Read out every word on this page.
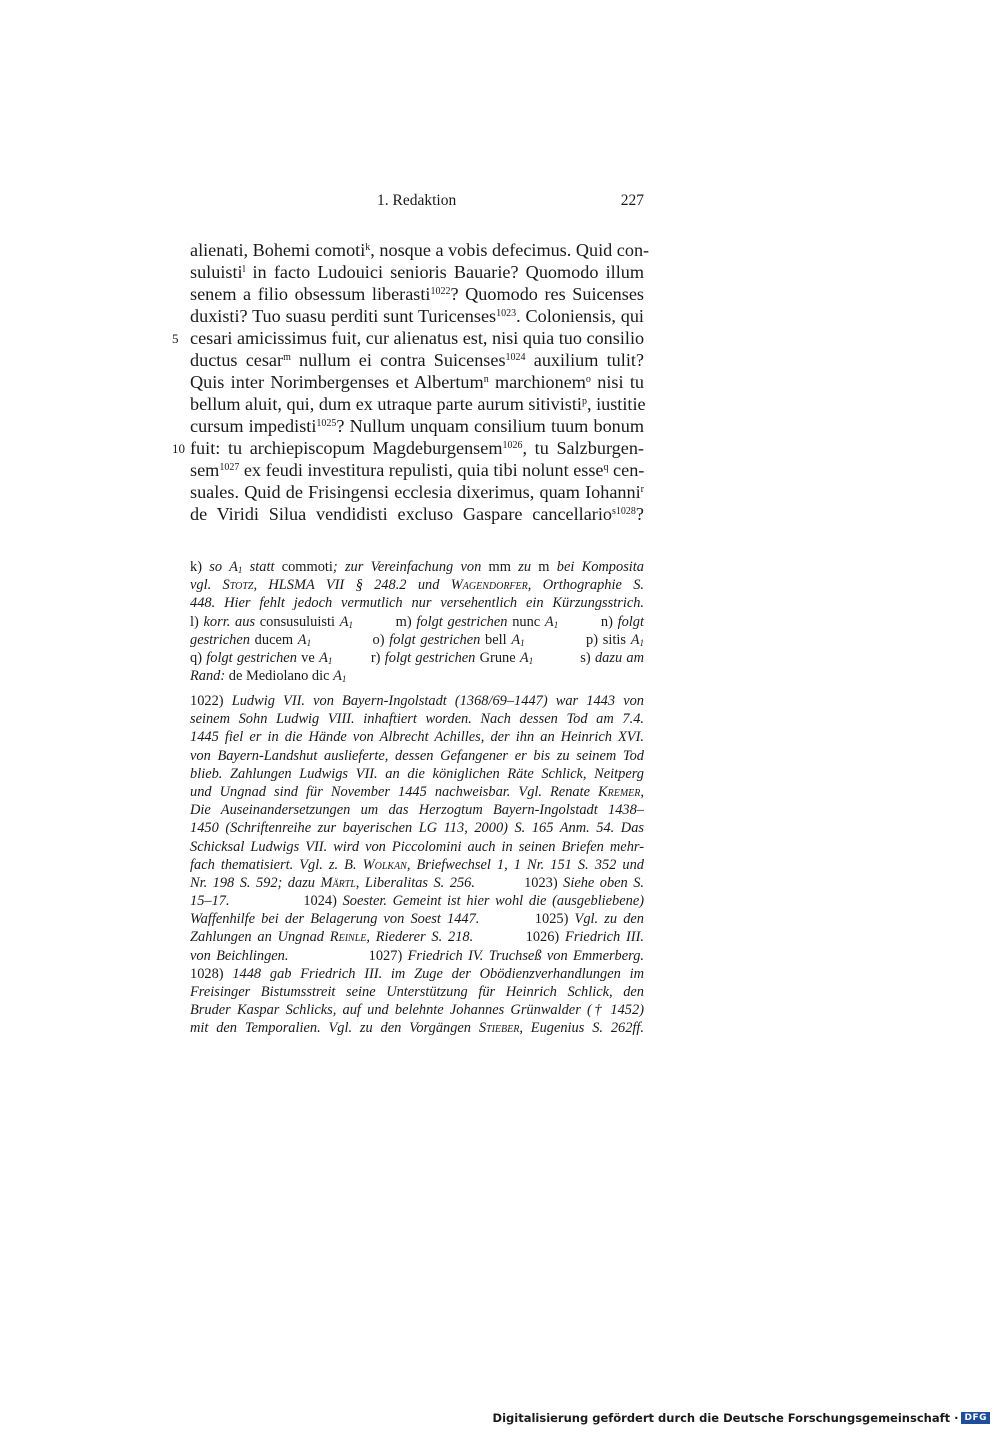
1. Redaktion	227
alienati, Bohemi comoti$^k$, nosque a vobis defecimus. Quid con-
suluisti$^l$ in facto Ludouici senioris Bauarie? Quomodo illum
senem a filio obsessum liberasti$^{1022}$? Quomodo res Suicenses
duxisti? Tuo suasu perditi sunt Turicenses$^{1023}$. Coloniensis, qui
5 cesari amicissimus fuit, cur alienatus est, nisi quia tuo consilio
ductus cesar$^m$ nullum ei contra Suicenses$^{1024}$ auxilium tulit?
Quis inter Norimbergenses et Albertum$^n$ marchionem$^o$ nisi tu
bellum aluit, qui, dum ex utraque parte aurum sitivisti$^p$, iustitie
cursum impedisti$^{1025}$? Nullum unquam consilium tuum bonum
10 fuit: tu archiepiscopum Magdeburgensem$^{1026}$, tu Salzburgen-
sem$^{1027}$ ex feudi investitura repulisti, quia tibi nolunt esse$^q$ cen-
suales. Quid de Frisingensi ecclesia dixerimus, quam Iohanni$^r$
de Viridi Silua vendidisti excluso Gaspare cancellario$^{s1028}$?
k) so $A_1$ statt commoti; zur Vereinfachung von mm zu m bei Komposita
vgl. Stotz, HLSMA VII § 248.2 und Wagendorfer, Orthographie S.
448. Hier fehlt jedoch vermutlich nur versehentlich ein Kürzungsstrich.
l) korr. aus consusuluisti $A_1$         m) folgt gestrichen nunc $A_1$         n) folgt
gestrichen ducem $A_1$             o) folgt gestrichen bell $A_1$             p) sitis $A_1$
q) folgt gestrichen ve $A_1$         r) folgt gestrichen Grune $A_1$           s) dazu am
Rand: de Mediolano dic $A_1$
1022) Ludwig VII. von Bayern-Ingolstadt (1368/69–1447) war 1443 von
seinem Sohn Ludwig VIII. inhaftiert worden. Nach dessen Tod am 7.4.
1445 fiel er in die Hände von Albrecht Achilles, der ihn an Heinrich XVI.
von Bayern-Landshut auslieferte, dessen Gefangener er bis zu seinem Tod
blieb. Zahlungen Ludwigs VII. an die königlichen Räte Schlick, Neitperg
und Ungnad sind für November 1445 nachweisbar. Vgl. Renate Kremer,
Die Auseinandersetzungen um das Herzogtum Bayern-Ingolstadt 1438–
1450 (Schriftenreihe zur bayerischen LG 113, 2000) S. 165 Anm. 54. Das
Schicksal Ludwigs VII. wird von Piccolomini auch in seinen Briefen mehr-
fach thematisiert. Vgl. z. B. Wolkan, Briefwechsel 1, 1 Nr. 151 S. 352 und
Nr. 198 S. 592; dazu Märtl, Liberalitas S. 256.         1023) Siehe oben S.
15–17.             1024) Soester. Gemeint ist hier wohl die (ausgebliebene)
Waffenhilfe bei der Belagerung von Soest 1447.         1025) Vgl. zu den
Zahlungen an Ungnad Reinle, Riederer S. 218.         1026) Friedrich III.
von Beichlingen.               1027) Friedrich IV. Truchseß von Emmerberg.
1028) 1448 gab Friedrich III. im Zuge der Obödienzverhandlungen im
Freisinger Bistumsstreit seine Unterstützung für Heinrich Schlick, den
Bruder Kaspar Schlicks, auf und belehnte Johannes Grünwalder († 1452)
mit den Temporalien. Vgl. zu den Vorgängen Stieber, Eugenius S. 262ff.
Digitalisierung gefördert durch die Deutsche Forschungsgemeinschaft · DFG
